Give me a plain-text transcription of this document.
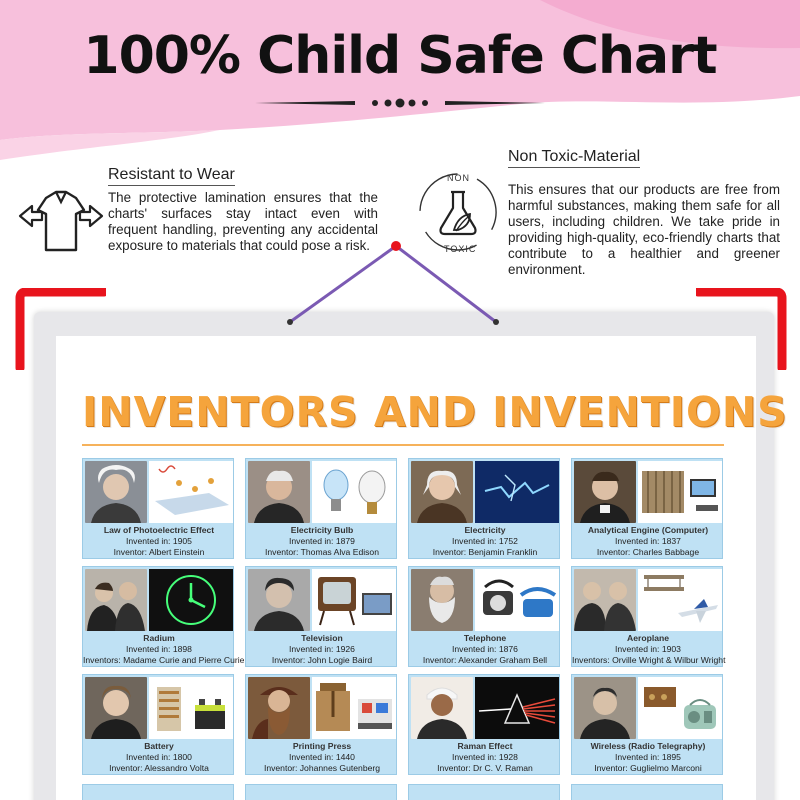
100% Child Safe Chart
Resistant to Wear
The protective lamination ensures that the charts' surfaces stay intact even with frequent handling, preventing any accidental exposure to materials that could pose a risk.
NON
TOXIC
Non Toxic-Material
This ensures that our products are free from harmful substances, making them safe for all users, including children. We take pride in providing high-quality, eco-friendly charts that contribute to a healthier and greener environment.
INVENTORS AND INVENTIONS
Law of Photoelectric Effect
Invented in: 1905
Inventor: Albert Einstein
Electricity Bulb
Invented in: 1879
Inventor: Thomas Alva Edison
Electricity
Invented in: 1752
Inventor: Benjamin Franklin
Analytical Engine (Computer)
Invented in: 1837
Inventor: Charles Babbage
Radium
Invented in: 1898
Inventors: Madame Curie and Pierre Curie
Television
Invented in: 1926
Inventor: John Logie Baird
Telephone
Invented in: 1876
Inventor: Alexander Graham Bell
Aeroplane
Invented in: 1903
Inventors: Orville Wright & Wilbur Wright
Battery
Invented in: 1800
Inventor: Alessandro Volta
Printing Press
Invented in: 1440
Inventor: Johannes Gutenberg
Raman Effect
Invented in: 1928
Inventor: Dr C. V. Raman
Wireless (Radio Telegraphy)
Invented in: 1895
Inventor: Guglielmo Marconi
